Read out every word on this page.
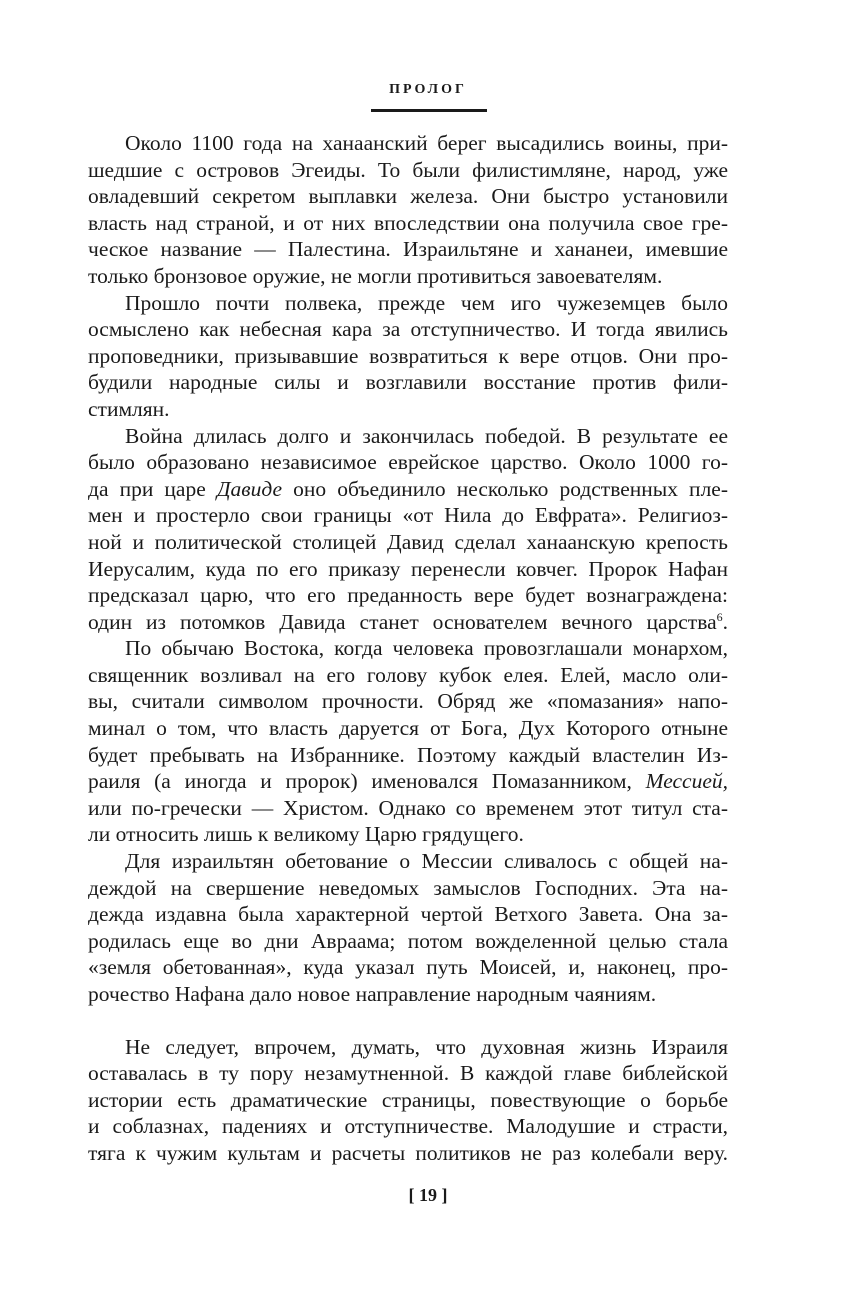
ПРОЛОГ
Около 1100 года на ханаанский берег высадились воины, при-
шедшие с островов Эгеиды. То были филистимляне, народ, уже
овладевший секретом выплавки железа. Они быстро установили
власть над страной, и от них впоследствии она получила свое гре-
ческое название — Палестина. Израильтяне и хананеи, имевшие
только бронзовое оружие, не могли противиться завоевателям.
Прошло почти полвека, прежде чем иго чужеземцев было
осмыслено как небесная кара за отступничество. И тогда явились
проповедники, призывавшие возвратиться к вере отцов. Они про-
будили народные силы и возглавили восстание против фили-
стимлян.
Война длилась долго и закончилась победой. В результате ее
было образовано независимое еврейское царство. Около 1000 го-
да при царе Давиде оно объединило несколько родственных пле-
мен и простерло свои границы «от Нила до Евфрата». Религиоз-
ной и политической столицей Давид сделал ханаанскую крепость
Иерусалим, куда по его приказу перенесли ковчег. Пророк Нафан
предсказал царю, что его преданность вере будет вознаграждена:
один из потомков Давида станет основателем вечного царства$^6$.
По обычаю Востока, когда человека провозглашали монархом,
священник возливал на его голову кубок елея. Елей, масло оли-
вы, считали символом прочности. Обряд же «помазания» напо-
минал о том, что власть даруется от Бога, Дух Которого отныне
будет пребывать на Избраннике. Поэтому каждый властелин Из-
раиля (а иногда и пророк) именовался Помазанником, Мессией,
или по-гречески — Христом. Однако со временем этот титул ста-
ли относить лишь к великому Царю грядущего.
Для израильтян обетование о Мессии сливалось с общей на-
деждой на свершение неведомых замыслов Господних. Эта на-
дежда издавна была характерной чертой Ветхого Завета. Она за-
родилась еще во дни Авраама; потом вожделенной целью стала
«земля обетованная», куда указал путь Моисей, и, наконец, про-
рочество Нафана дало новое направление народным чаяниям.
Не следует, впрочем, думать, что духовная жизнь Израиля
оставалась в ту пору незамутненной. В каждой главе библейской
истории есть драматические страницы, повествующие о борьбе
и соблазнах, падениях и отступничестве. Малодушие и страсти,
тяга к чужим культам и расчеты политиков не раз колебали веру.
[ 19 ]
